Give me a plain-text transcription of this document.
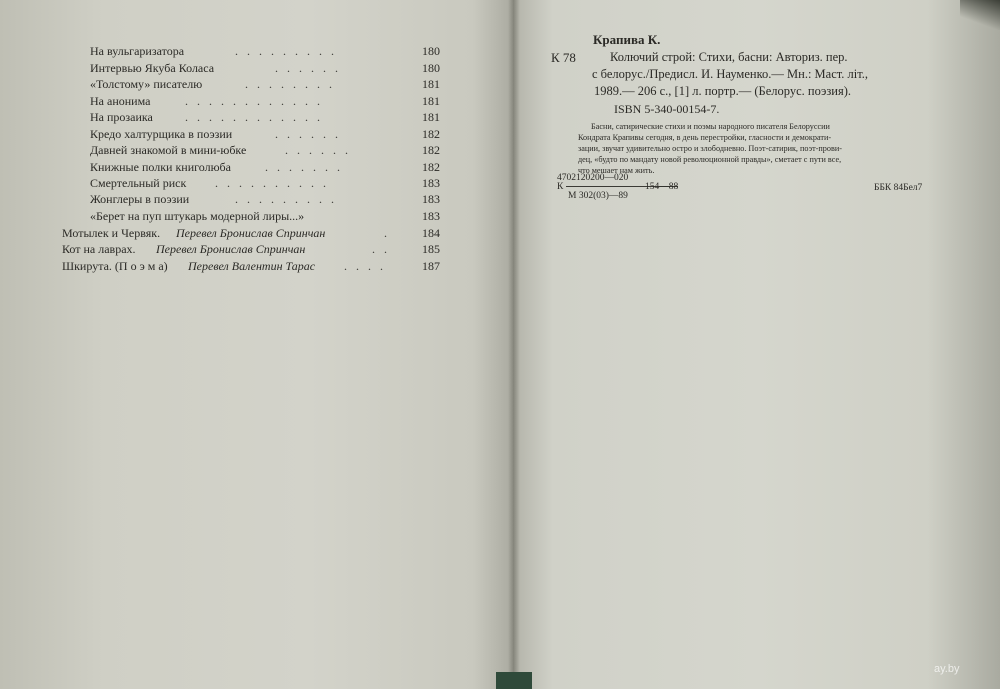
На вульгаризатора	.........	180
Интервью Якуба Коласа	......	180
«Толстому» писателю	........	181
На анонима	............	181
На прозаика	............	181
Кредо халтурщика в поэзии	......	182
Давней знакомой в мини-юбке	......	182
Книжные полки книголюба	.......	182
Смертельный риск ..........	183
Жонглеры в поэзии	.........	183
«Берет на пуп штукарь модерной лиры...»	183
Мотылек и Червяк. Перевел Бронислав Спринчан	. 184
Кот на лаврах. Перевел Бронислав Спринчан	.. 185
Шкирута. (П о э м а) Перевел Валентин Тарас ....	187
Крапива К.
К 78	Колючий строй: Стихи, басни: Авториз. пер.
с белорус./Предисл. И. Науменко.— Мн.: Маст. літ.,
1989.— 206 с., [1] л. портр.— (Белорус. поэзия).
ISBN 5-340-00154-7.
Басни, сатирические стихи и поэмы народного писателя Белоруссии
Кондрата Крапивы сегодня, в день перестройки, гласности и демократи-
зации, звучат удивительно остро и злободневно. Поэт-сатирик, поэт-прови-
дец, «будто по мандату новой революционной правды», сметает с пути все,
что мешает нам жить.
4702120200—020
К	154—88
М 302(03)—89
ББК 84Бел7
ay.by
